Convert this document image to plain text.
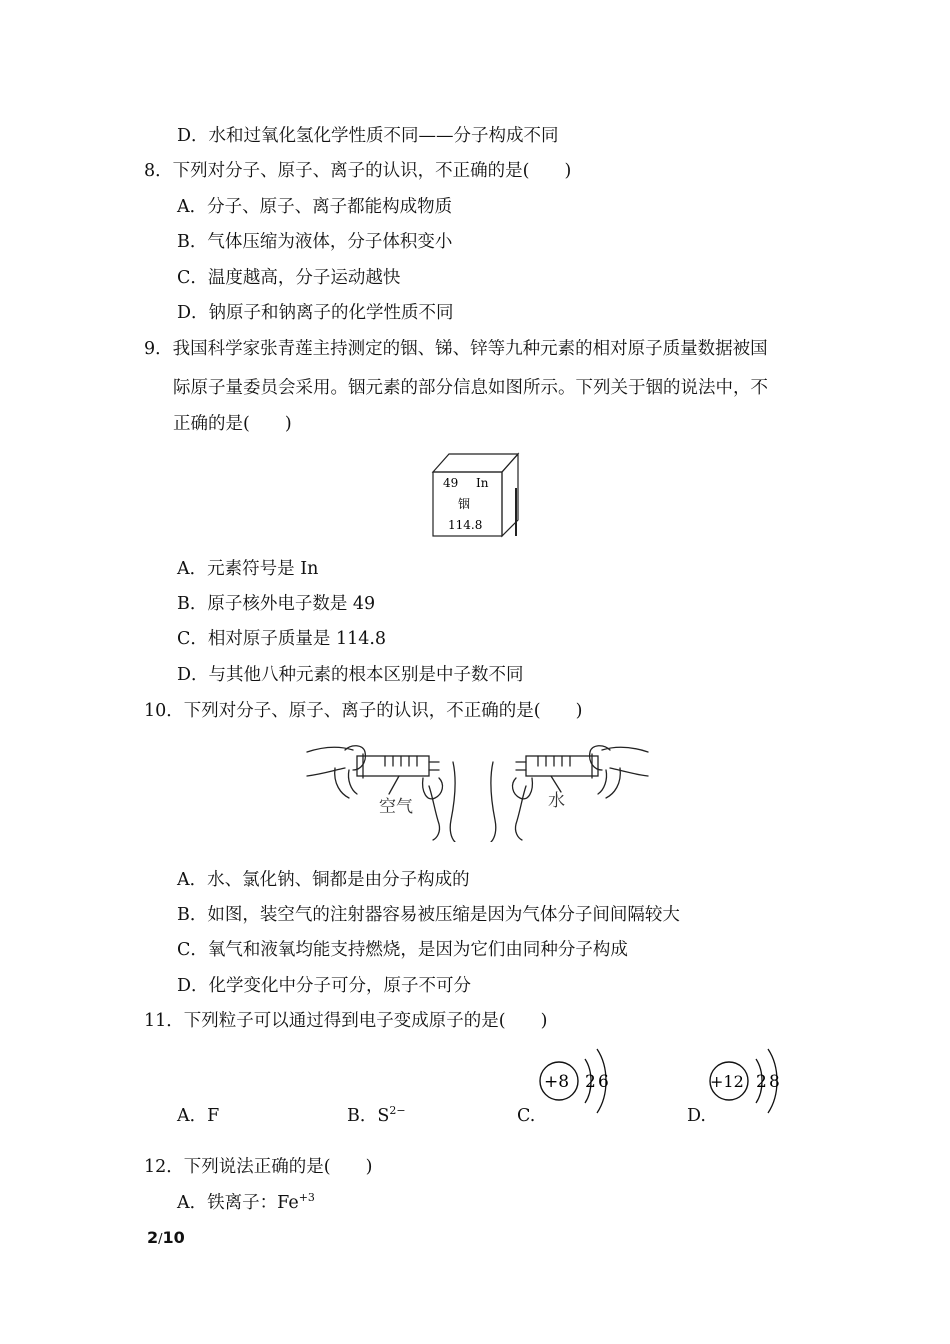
D．水和过氧化氢化学性质不同——分子构成不同
8．下列对分子、原子、离子的认识，不正确的是(　　)
A．分子、原子、离子都能构成物质
B．气体压缩为液体，分子体积变小
C．温度越高，分子运动越快
D．钠原子和钠离子的化学性质不同
9．我国科学家张青莲主持测定的铟、锑、锌等九种元素的相对原子质量数据被国
际原子量委员会采用。铟元素的部分信息如图所示。下列关于铟的说法中，不
正确的是(　　)
49 In
铟
114.8
A．元素符号是 In
B．原子核外电子数是 49
C．相对原子质量是 114.8
D．与其他八种元素的根本区别是中子数不同
10．下列对分子、原子、离子的认识，不正确的是(　　)
空气	水
A．水、氯化钠、铜都是由分子构成的
B．如图，装空气的注射器容易被压缩是因为气体分子间间隔较大
C．氧气和液氧均能支持燃烧，是因为它们由同种分子构成
D．化学变化中分子可分，原子不可分
11．下列粒子可以通过得到电子变成原子的是(　　)
A．F	B．$S^{2-}$	C.	D.
+8 2 6	+12 2 8
12．下列说法正确的是(　　)
A．铁离子：$Fe^{+3}$
2/10
